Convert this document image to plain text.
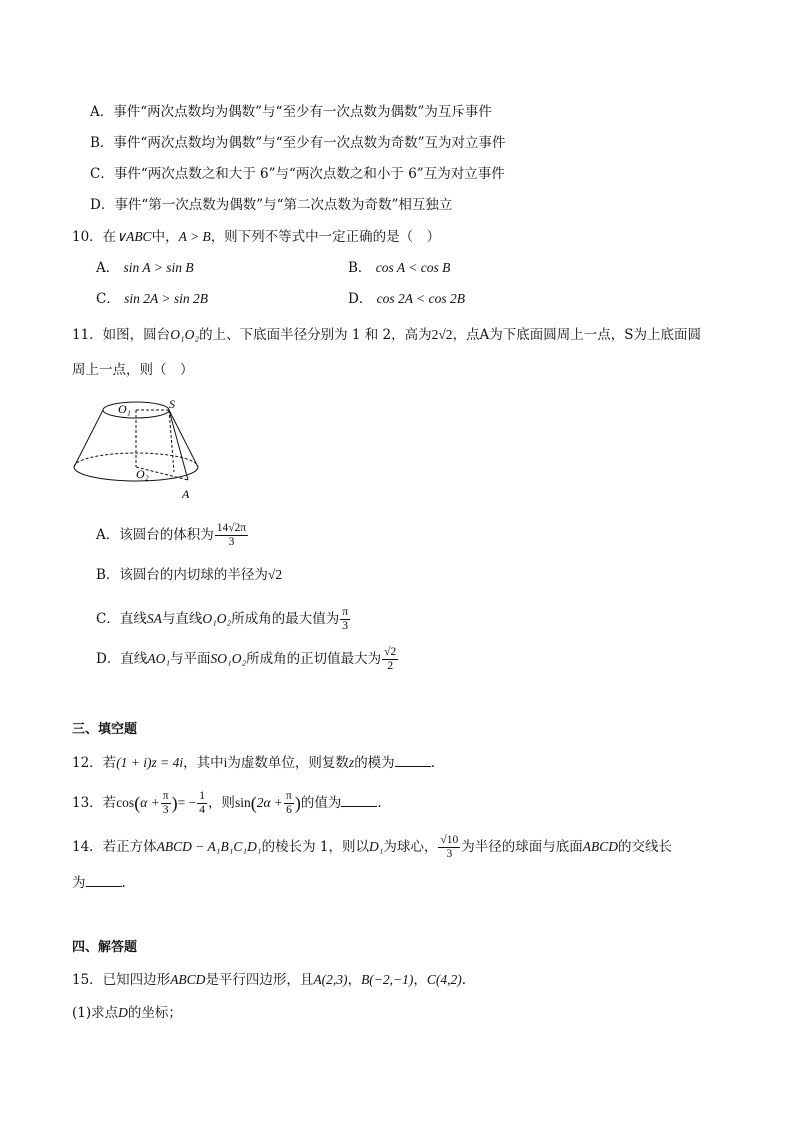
A．事件“两次点数均为偶数”与“至少有一次点数为偶数”为互斥事件
B．事件“两次点数均为偶数”与“至少有一次点数为奇数”互为对立事件
C．事件“两次点数之和大于 6”与“两次点数之和小于 6”互为对立事件
D．事件“第一次点数为偶数”与“第二次点数为奇数”相互独立
10．在∨ABC中，A > B，则下列不等式中一定正确的是（　）
A． sin A > sin B	B． cos A < cos B
C． sin 2A > sin 2B	D． cos 2A < cos 2B
11．如图，圆台O₁O₂的上、下底面半径分别为 1 和 2，高为2√2，点A为下底面圆周上一点，S为上底面圆
周上一点，则（　）
O₁	S
O₂
A
A．该圆台的体积为 $\frac{14√2\pi}{3}$
B．该圆台的内切球的半径为√2
C．直线SA与直线O₁O₂所成角的最大值为 $\frac{\pi}{3}$
D．直线AO₁与平面SO₁O₂所成角的正切值最大为 $\frac{√2}{2}$
三、填空题
12．若(1 + i)z = 4i，其中i为虚数单位，则复数z的模为	.
13．若$\cos(\alpha + \frac{\pi}{3}$ )= − $\frac{1}{4}$ ，则$\sin(2\alpha + \frac{\pi}{6}$ )的值为	.
14．若正方体ABCD − A₁B₁C₁D₁的棱长为 1，则以D₁为球心， $\frac{√10}{3}$ 为半径的球面与底面ABCD的交线长
为	.
四、解答题
15．已知四边形ABCD是平行四边形，且A(2,3)，B(−2,−1)，C(4,2).
(1)求点D的坐标；
